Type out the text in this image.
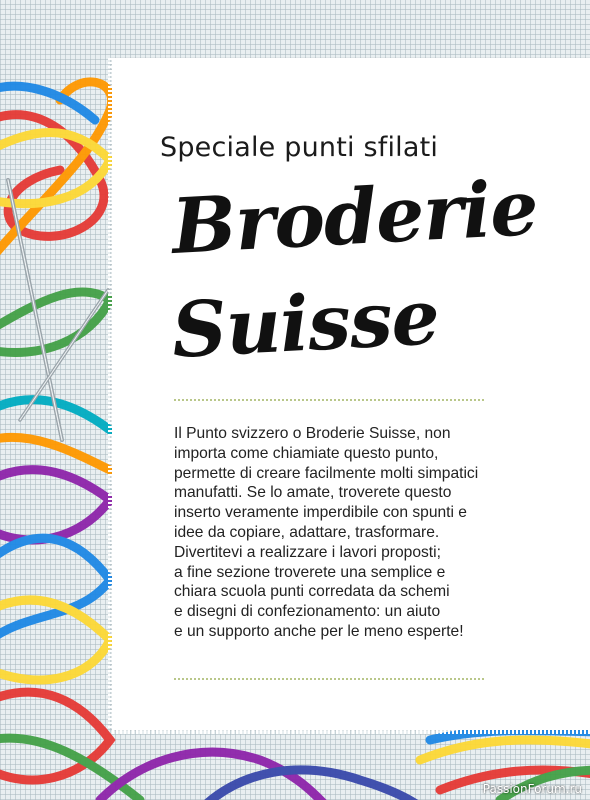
Speciale punti sfilati
Broderie
Suisse

Il Punto svizzero o Broderie Suisse, non
importa come chiamiate questo punto,
permette di creare facilmente molti simpatici
manufatti. Se lo amate, troverete questo
inserto veramente imperdibile con spunti e
idee da copiare, adattare, trasformare.
Divertitevi a realizzare i lavori proposti;
a fine sezione troverete una semplice e
chiara scuola punti corredata da schemi
e disegni di confezionamento: un aiuto
e un supporto anche per le meno esperte!

PassionForum.ru
